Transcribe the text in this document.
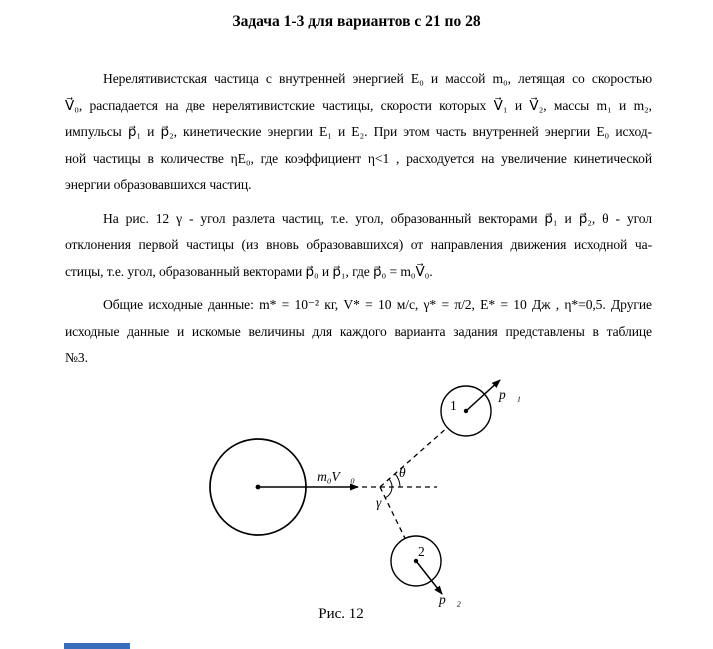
Задача 1-3 для вариантов с 21 по 28
Нерелятивистская частица с внутренней энергией E₀ и массой m₀, летящая со скоростью
V⃗₀, распадается на две нерелятивистские частицы, скорости которых V⃗₁ и V⃗₂, массы m₁ и m₂,
импульсы p⃗₁ и p⃗₂, кинетические энергии E₁ и E₂. При этом часть внутренней энергии E₀ исход-
ной частицы в количестве ηE₀, где коэффициент η<1 , расходуется на увеличение кинетической
энергии образовавшихся частиц.
На рис. 12 γ - угол разлета частиц, т.е. угол, образованный векторами p⃗₁ и p⃗₂, θ - угол
отклонения первой частицы (из вновь образовавшихся) от направления движения исходной ча-
стицы, т.е. угол, образованный векторами p⃗₀ и p⃗₁, где p⃗₀ = m₀V⃗₀.
Общие исходные данные: m* = 10⁻² кг, V* = 10 м/с, γ* = π/2, E* = 10 Дж , η*=0,5. Другие
исходные данные и искомые величины для каждого варианта задания представлены в таблице
№3.
m₀V⃗₀	θ
γ
1
2
p⃗₁
p⃗₂
Рис. 12
